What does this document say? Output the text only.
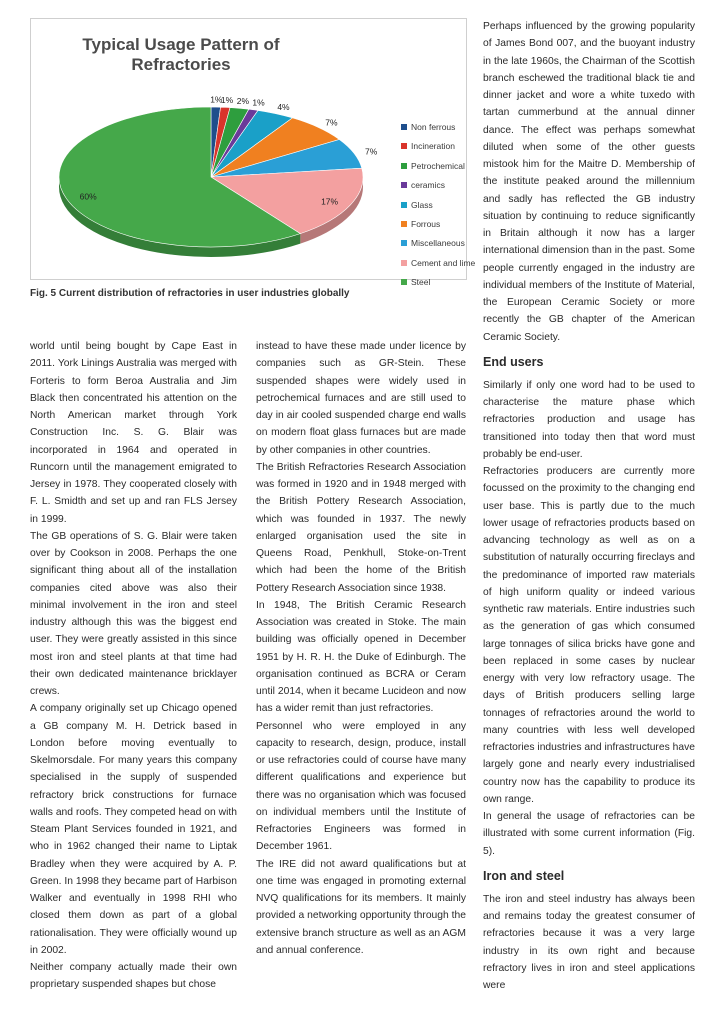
Typical Usage Pattern of Refractories
1%
1% 2% 1% 4%
7%
7%
17%
60%
Non ferrous
Incineration
Petrochemical
ceramics
Glass
Forrous
Miscellaneous
Cement and lime
Steel
Fig. 5 Current distribution of refractories in user industries globally

world until being bought by Cape East in 2011. York Linings Australia was merged with Forteris to form Beroa Australia and Jim Black then concentrated his attention on the North American market through York Construction Inc. S. G. Blair was incorporated in 1964 and operated in Runcorn until the management emigrated to Jersey in 1978. They cooperated closely with F. L. Smidth and set up and ran FLS Jersey in 1999.

The GB operations of S. G. Blair were taken over by Cookson in 2008. Perhaps the one significant thing about all of the installation companies cited above was also their minimal involvement in the iron and steel industry although this was the biggest end user. They were greatly assisted in this since most iron and steel plants at that time had their own dedicated maintenance bricklayer crews.

A company originally set up Chicago opened a GB company M. H. Detrick based in London before moving eventually to Skelmorsdale. For many years this company specialised in the supply of suspended refractory brick constructions for furnace walls and roofs. They competed head on with Steam Plant Services founded in 1921, and who in 1962 changed their name to Liptak Bradley when they were acquired by A. P. Green. In 1998 they became part of Harbison Walker and eventually in 1998 RHI who closed them down as part of a global rationalisation. They were officially wound up in 2002.

Neither company actually made their own proprietary suspended shapes but chose

instead to have these made under licence by companies such as GR-Stein. These suspended shapes were widely used in petrochemical furnaces and are still used to day in air cooled suspended charge end walls on modern float glass furnaces but are made by other companies in other countries.

The British Refractories Research Association was formed in 1920 and in 1948 merged with the British Pottery Research Association, which was founded in 1937. The newly enlarged organisation used the site in Queens Road, Penkhull, Stoke-on-Trent which had been the home of the British Pottery Research Association since 1938.

In 1948, The British Ceramic Research Association was created in Stoke. The main building was officially opened in December 1951 by H. R. H. the Duke of Edinburgh. The organisation continued as BCRA or Ceram until 2014, when it became Lucideon and now has a wider remit than just refractories.

Personnel who were employed in any capacity to research, design, produce, install or use refractories could of course have many different qualifications and experience but there was no organisation which was focused on individual members until the Institute of Refractories Engineers was formed in December 1961.

The IRE did not award qualifications but at one time was engaged in promoting external NVQ qualifications for its members. It mainly provided a networking opportunity through the extensive branch structure as well as an AGM and annual conference.

Perhaps influenced by the growing popularity of James Bond 007, and the buoyant industry in the late 1960s, the Chairman of the Scottish branch eschewed the traditional black tie and dinner jacket and wore a white tuxedo with tartan cummerbund at the annual dinner dance. The effect was perhaps somewhat diluted when some of the other guests mistook him for the Maitre D. Membership of the institute peaked around the millennium and sadly has reflected the GB industry situation by continuing to reduce significantly in Britain although it now has a larger international dimension than in the past. Some people currently engaged in the industry are individual members of the Institute of Material, the European Ceramic Society or more recently the GB chapter of the American Ceramic Society.

End users

Similarly if only one word had to be used to characterise the mature phase which refractories production and usage has transitioned into today then that word must probably be end-user.

Refractories producers are currently more focussed on the proximity to the changing end user base. This is partly due to the much lower usage of refractories products based on advancing technology as well as on a substitution of naturally occurring fireclays and the predominance of imported raw materials of high uniform quality or indeed various synthetic raw materials. Entire industries such as the generation of gas which consumed large tonnages of silica bricks have gone and been replaced in some cases by nuclear energy with very low refractory usage. The days of British producers selling large tonnages of refractories around the world to many countries with less well developed refractories industries and infrastructures have largely gone and nearly every industrialised country now has the capability to produce its own range.

In general the usage of refractories can be illustrated with some current information (Fig. 5).

Iron and steel

The iron and steel industry has always been and remains today the greatest consumer of refractories because it was a very large industry in its own right and because refractory lives in iron and steel applications were
